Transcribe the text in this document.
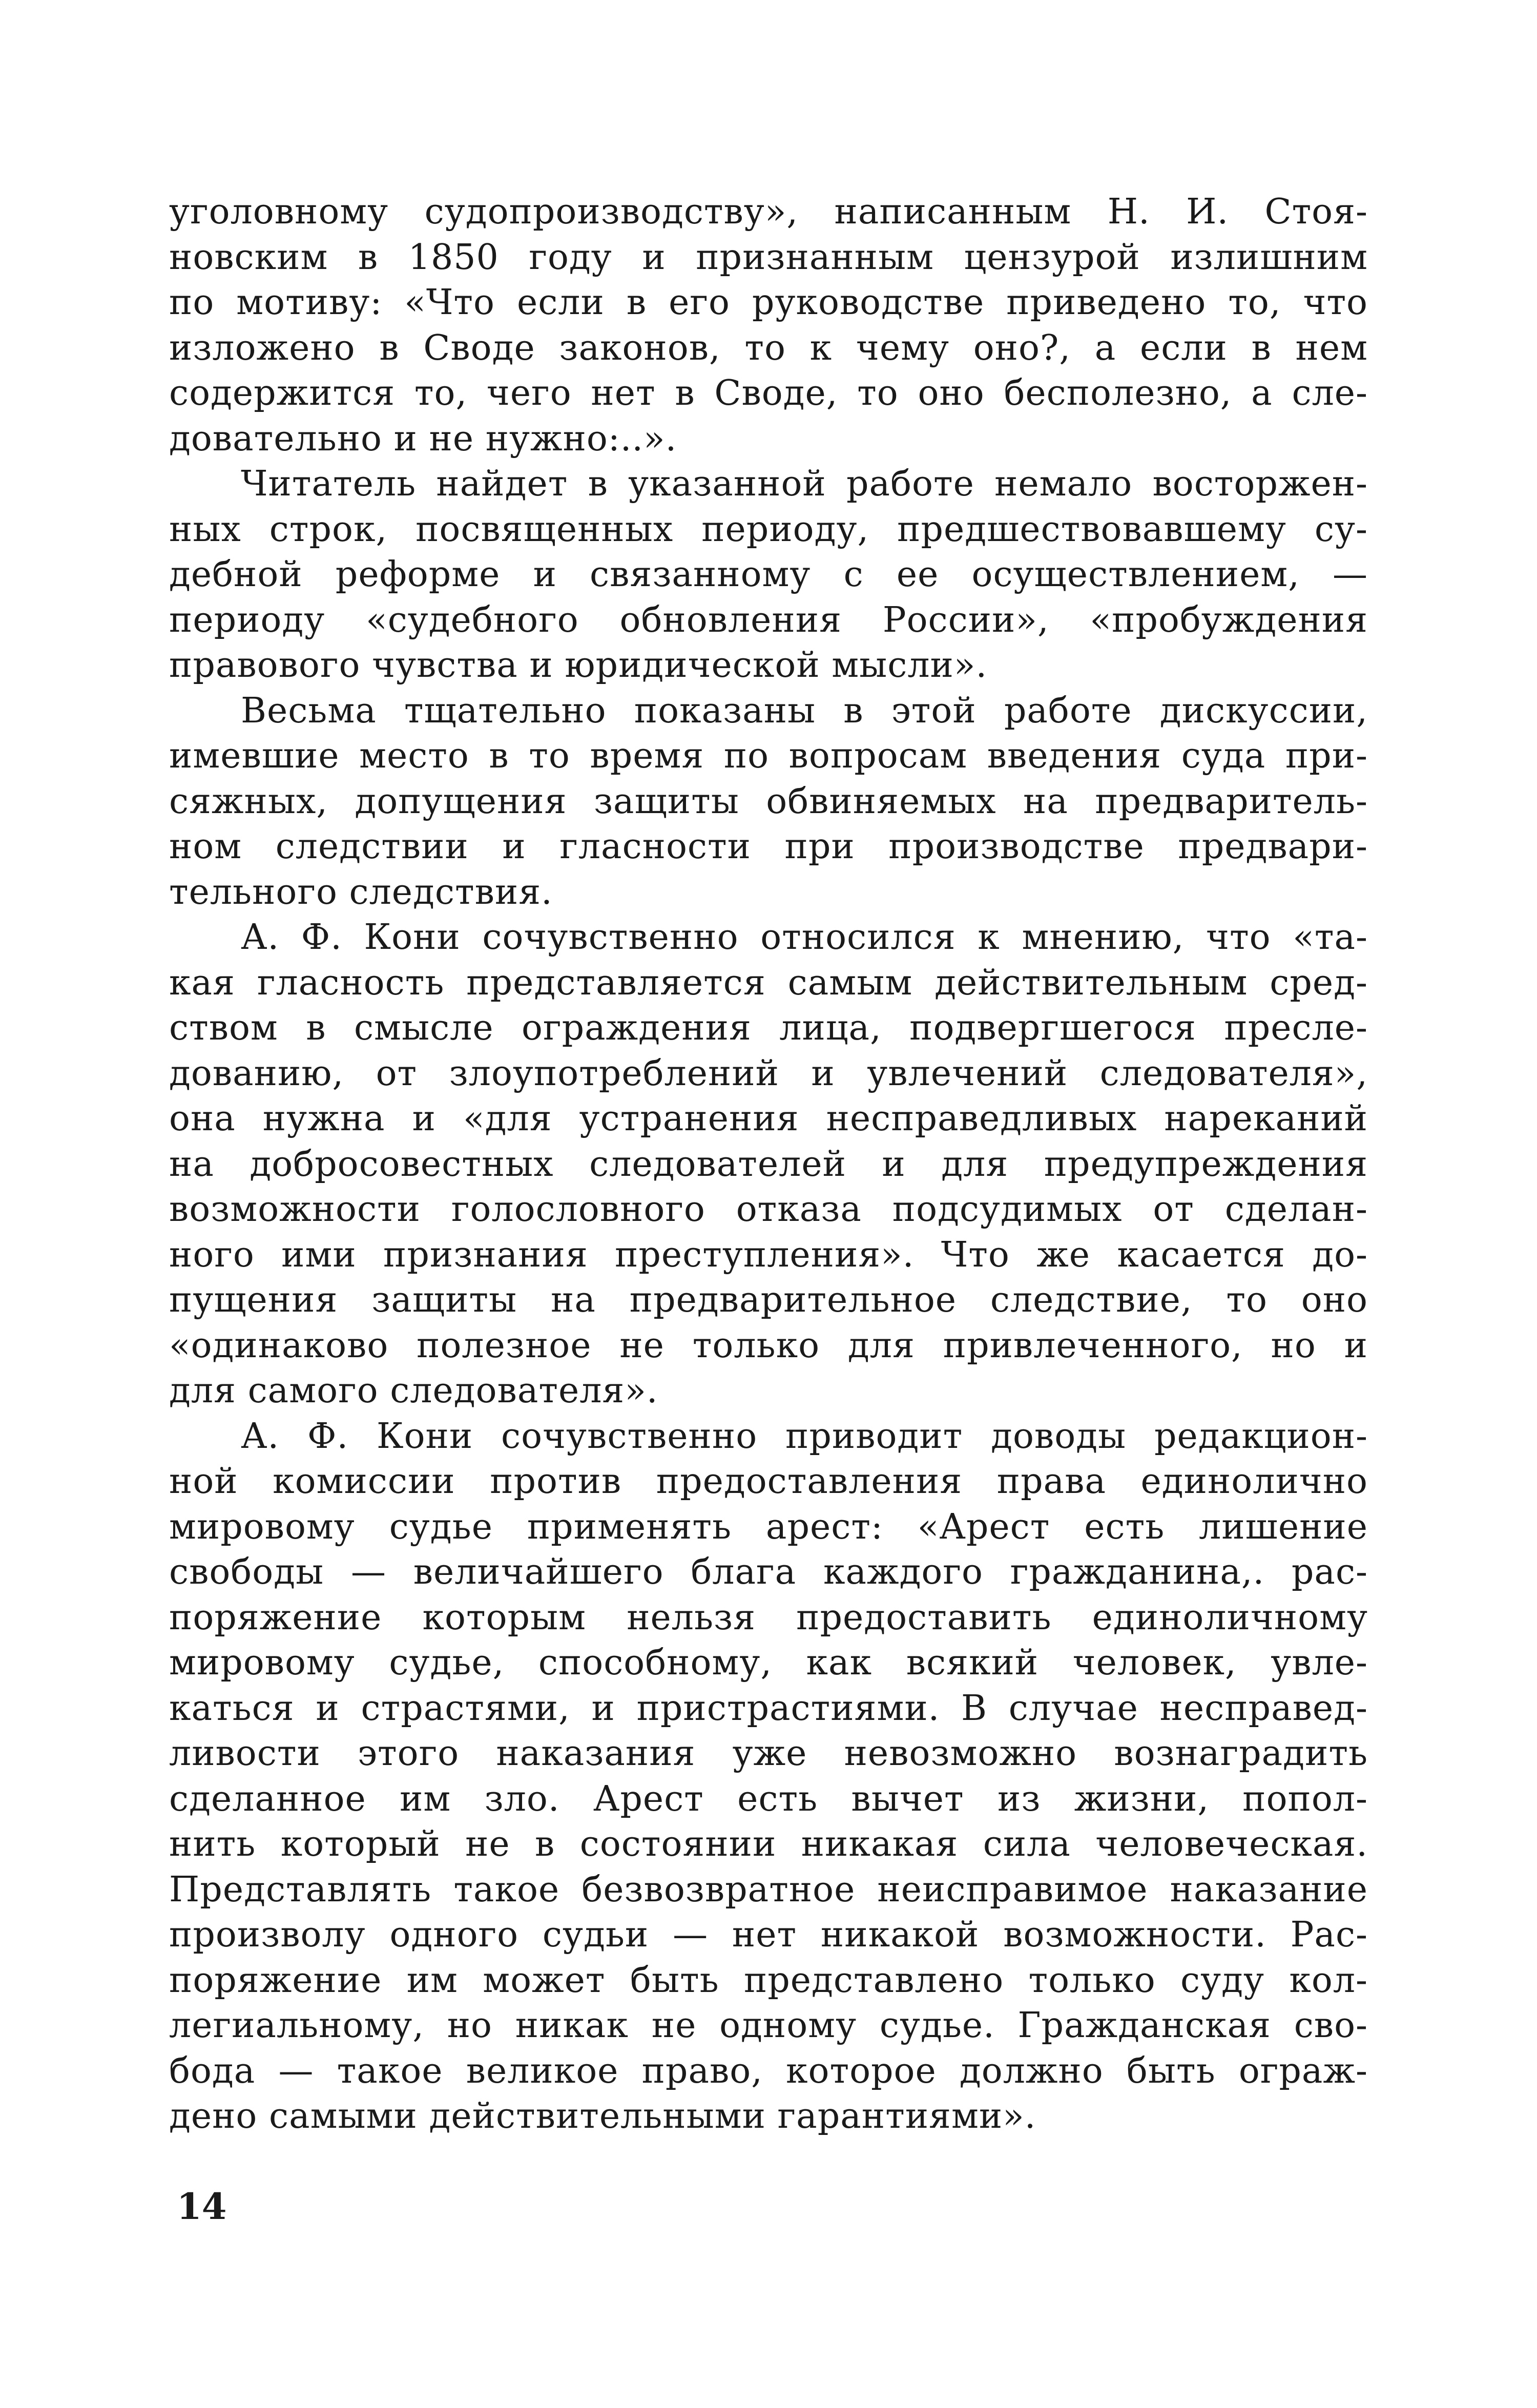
уголовному судопроизводству», написанным Н. И. Стоя-
новским в 1850 году и признанным цензурой излишним
по мотиву: «Что если в его руководстве приведено то, что
изложено в Своде законов, то к чему оно?, а если в нем
содержится то, чего нет в Своде, то оно бесполезно, а сле-
довательно и не нужно:..».
Читатель найдет в указанной работе немало восторжен-
ных строк, посвященных периоду, предшествовавшему су-
дебной реформе и связанному с ее осуществлением, —
периоду «судебного обновления России», «пробуждения
правового чувства и юридической мысли».
Весьма тщательно показаны в этой работе дискуссии,
имевшие место в то время по вопросам введения суда при-
сяжных, допущения защиты обвиняемых на предваритель-
ном следствии и гласности при производстве предвари-
тельного следствия.
А. Ф. Кони сочувственно относился к мнению, что «та-
кая гласность представляется самым действительным сред-
ством в смысле ограждения лица, подвергшегося пресле-
дованию, от злоупотреблений и увлечений следователя»,
она нужна и «для устранения несправедливых нареканий
на добросовестных следователей и для предупреждения
возможности голословного отказа подсудимых от сделан-
ного ими признания преступления». Что же касается до-
пущения защиты на предварительное следствие, то оно
«одинаково полезное не только для привлеченного, но и
для самого следователя».
А. Ф. Кони сочувственно приводит доводы редакцион-
ной комиссии против предоставления права единолично
мировому судье применять арест: «Арест есть лишение
свободы — величайшего блага каждого гражданина,. рас-
поряжение которым нельзя предоставить единоличному
мировому судье, способному, как всякий человек, увле-
каться и страстями, и пристрастиями. В случае несправед-
ливости этого наказания уже невозможно вознаградить
сделанное им зло. Арест есть вычет из жизни, попол-
нить который не в состоянии никакая сила человеческая.
Представлять такое безвозвратное неисправимое наказание
произволу одного судьи — нет никакой возможности. Рас-
поряжение им может быть представлено только суду кол-
легиальному, но никак не одному судье. Гражданская сво-
бода — такое великое право, которое должно быть ограж-
дено самыми действительными гарантиями».
14
